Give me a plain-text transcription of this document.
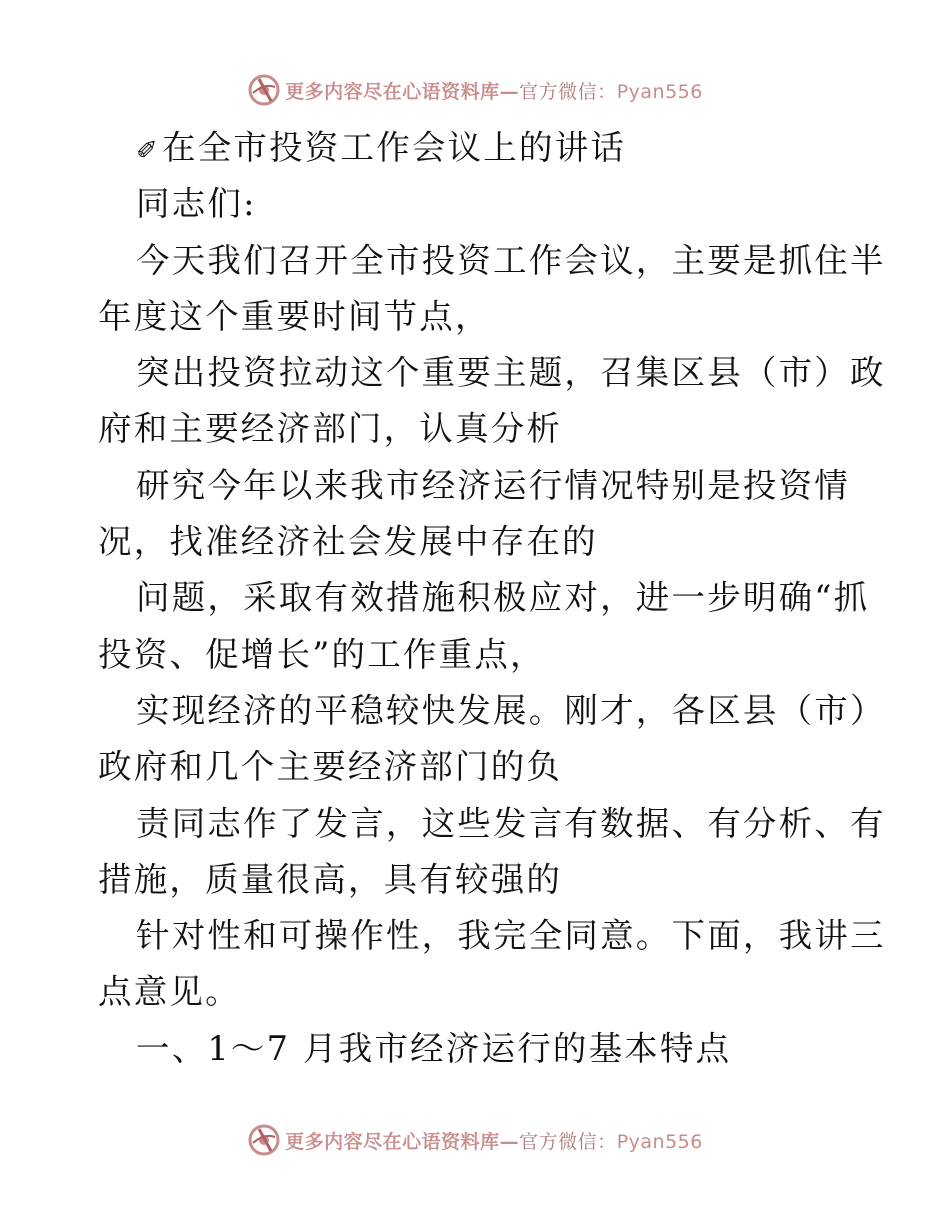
更多内容尽在心语资料库—官方微信：Pyan556
✐在全市投资工作会议上的讲话
同志们:
今天我们召开全市投资工作会议，主要是抓住半
年度这个重要时间节点，
突出投资拉动这个重要主题，召集区县（市）政
府和主要经济部门，认真分析
研究今年以来我市经济运行情况特别是投资情
况，找准经济社会发展中存在的
问题，采取有效措施积极应对，进一步明确“抓
投资、促增长”的工作重点，
实现经济的平稳较快发展。刚才，各区县（市）
政府和几个主要经济部门的负
责同志作了发言，这些发言有数据、有分析、有
措施，质量很高，具有较强的
针对性和可操作性，我完全同意。下面，我讲三
点意见。
一、1～7 月我市经济运行的基本特点
更多内容尽在心语资料库—官方微信：Pyan556
